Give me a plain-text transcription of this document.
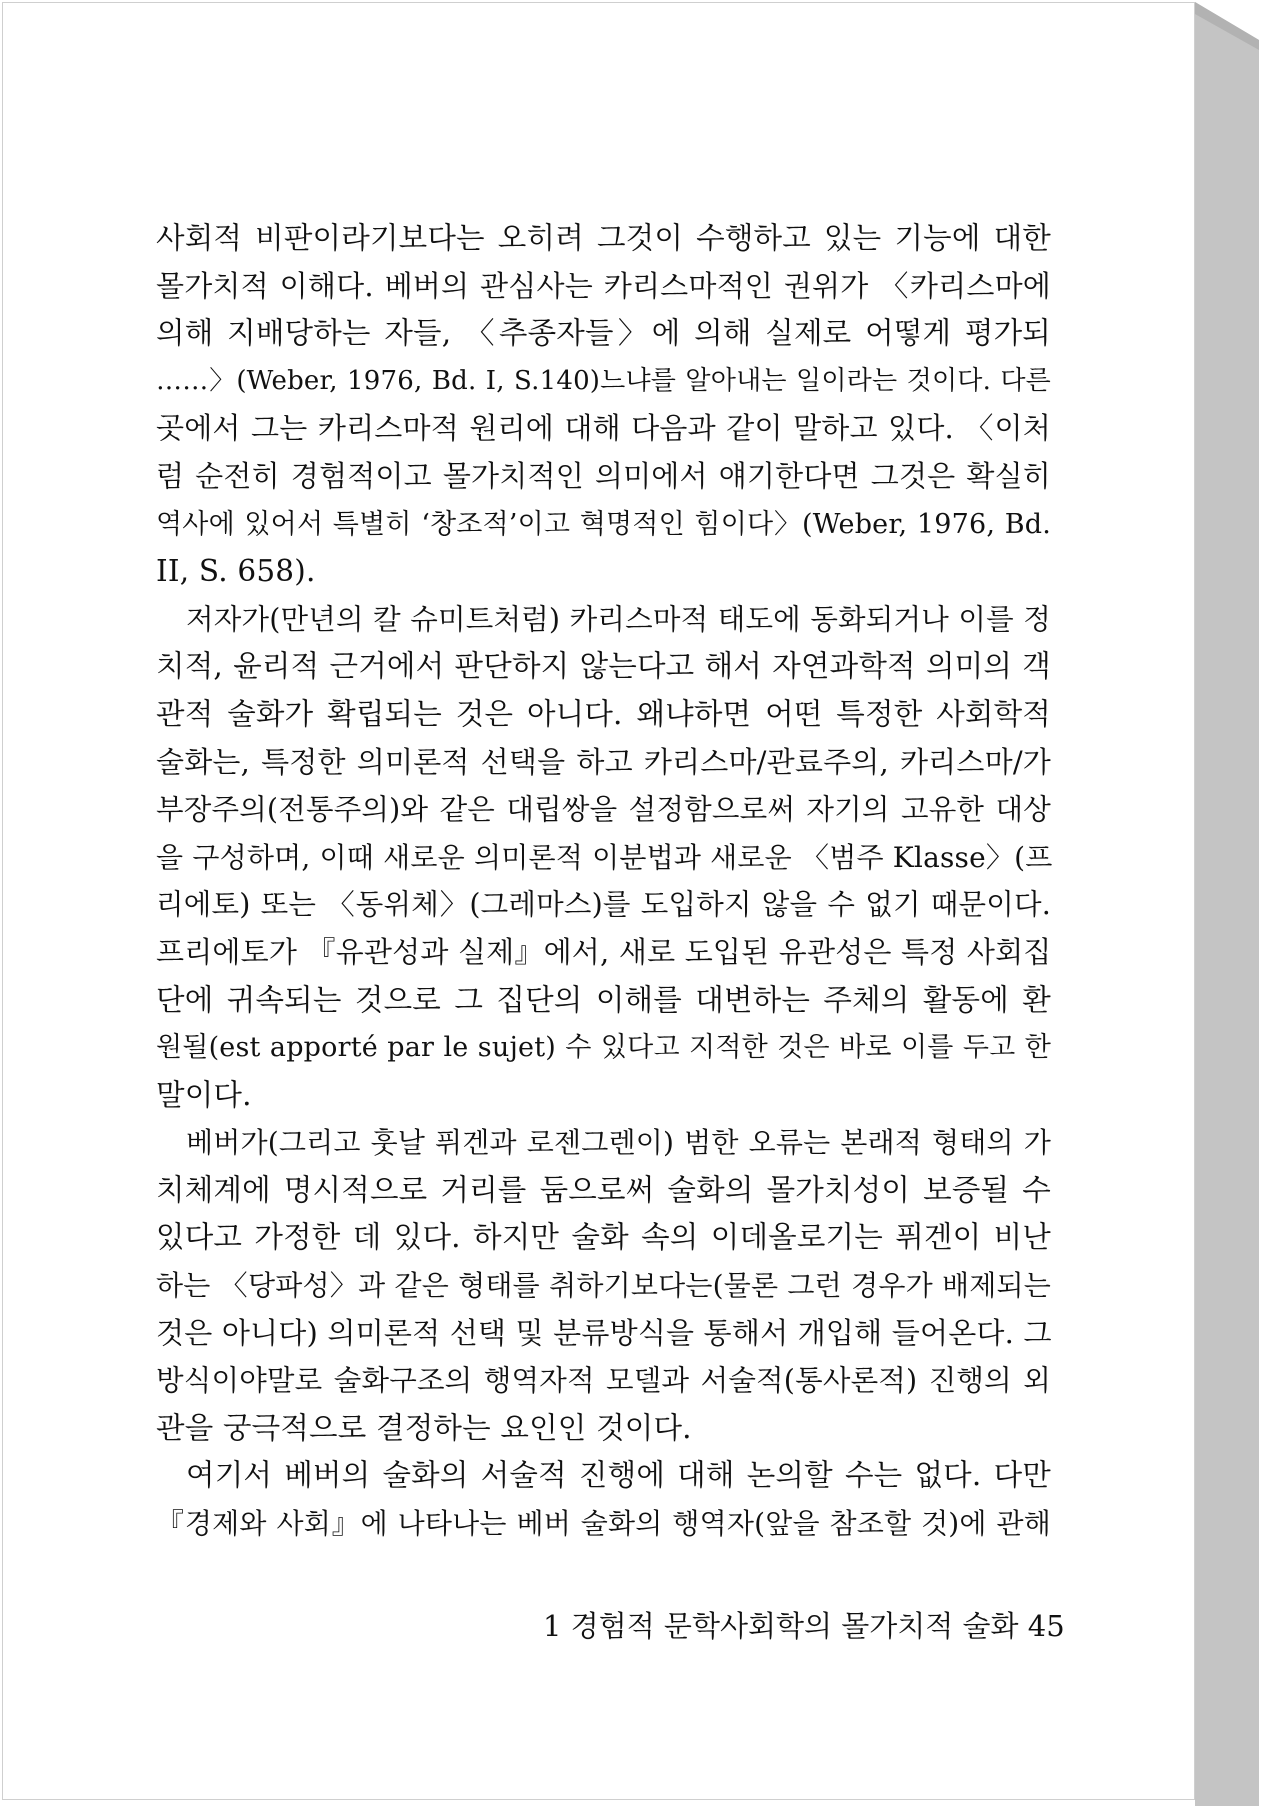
사회적 비판이라기보다는 오히려 그것이 수행하고 있는 기능에 대한
몰가치적 이해다. 베버의 관심사는 카리스마적인 권위가 〈카리스마에
의해 지배당하는 자들, 〈추종자들〉에 의해 실제로 어떻게 평가되
……〉(Weber, 1976, Bd. I, S.140)느냐를 알아내는 일이라는 것이다. 다른
곳에서 그는 카리스마적 원리에 대해 다음과 같이 말하고 있다. 〈이처
럼 순전히 경험적이고 몰가치적인 의미에서 얘기한다면 그것은 확실히
역사에 있어서 특별히 ‘창조적’이고 혁명적인 힘이다〉(Weber, 1976, Bd.
II, S. 658).
저자가(만년의 칼 슈미트처럼) 카리스마적 태도에 동화되거나 이를 정
치적, 윤리적 근거에서 판단하지 않는다고 해서 자연과학적 의미의 객
관적 술화가 확립되는 것은 아니다. 왜냐하면 어떤 특정한 사회학적
술화는, 특정한 의미론적 선택을 하고 카리스마/관료주의, 카리스마/가
부장주의(전통주의)와 같은 대립쌍을 설정함으로써 자기의 고유한 대상
을 구성하며, 이때 새로운 의미론적 이분법과 새로운 〈범주 Klasse〉(프
리에토) 또는 〈동위체〉(그레마스)를 도입하지 않을 수 없기 때문이다.
프리에토가 『유관성과 실제』에서, 새로 도입된 유관성은 특정 사회집
단에 귀속되는 것으로 그 집단의 이해를 대변하는 주체의 활동에 환
원될(est apporté par le sujet) 수 있다고 지적한 것은 바로 이를 두고 한
말이다.
베버가(그리고 훗날 퓌겐과 로젠그렌이) 범한 오류는 본래적 형태의 가
치체계에 명시적으로 거리를 둠으로써 술화의 몰가치성이 보증될 수
있다고 가정한 데 있다. 하지만 술화 속의 이데올로기는 퓌겐이 비난
하는 〈당파성〉과 같은 형태를 취하기보다는(물론 그런 경우가 배제되는
것은 아니다) 의미론적 선택 및 분류방식을 통해서 개입해 들어온다. 그
방식이야말로 술화구조의 행역자적 모델과 서술적(통사론적) 진행의 외
관을 궁극적으로 결정하는 요인인 것이다.
여기서 베버의 술화의 서술적 진행에 대해 논의할 수는 없다. 다만
『경제와 사회』에 나타나는 베버 술화의 행역자(앞을 참조할 것)에 관해
1 경험적 문학사회학의 몰가치적 술화 45
